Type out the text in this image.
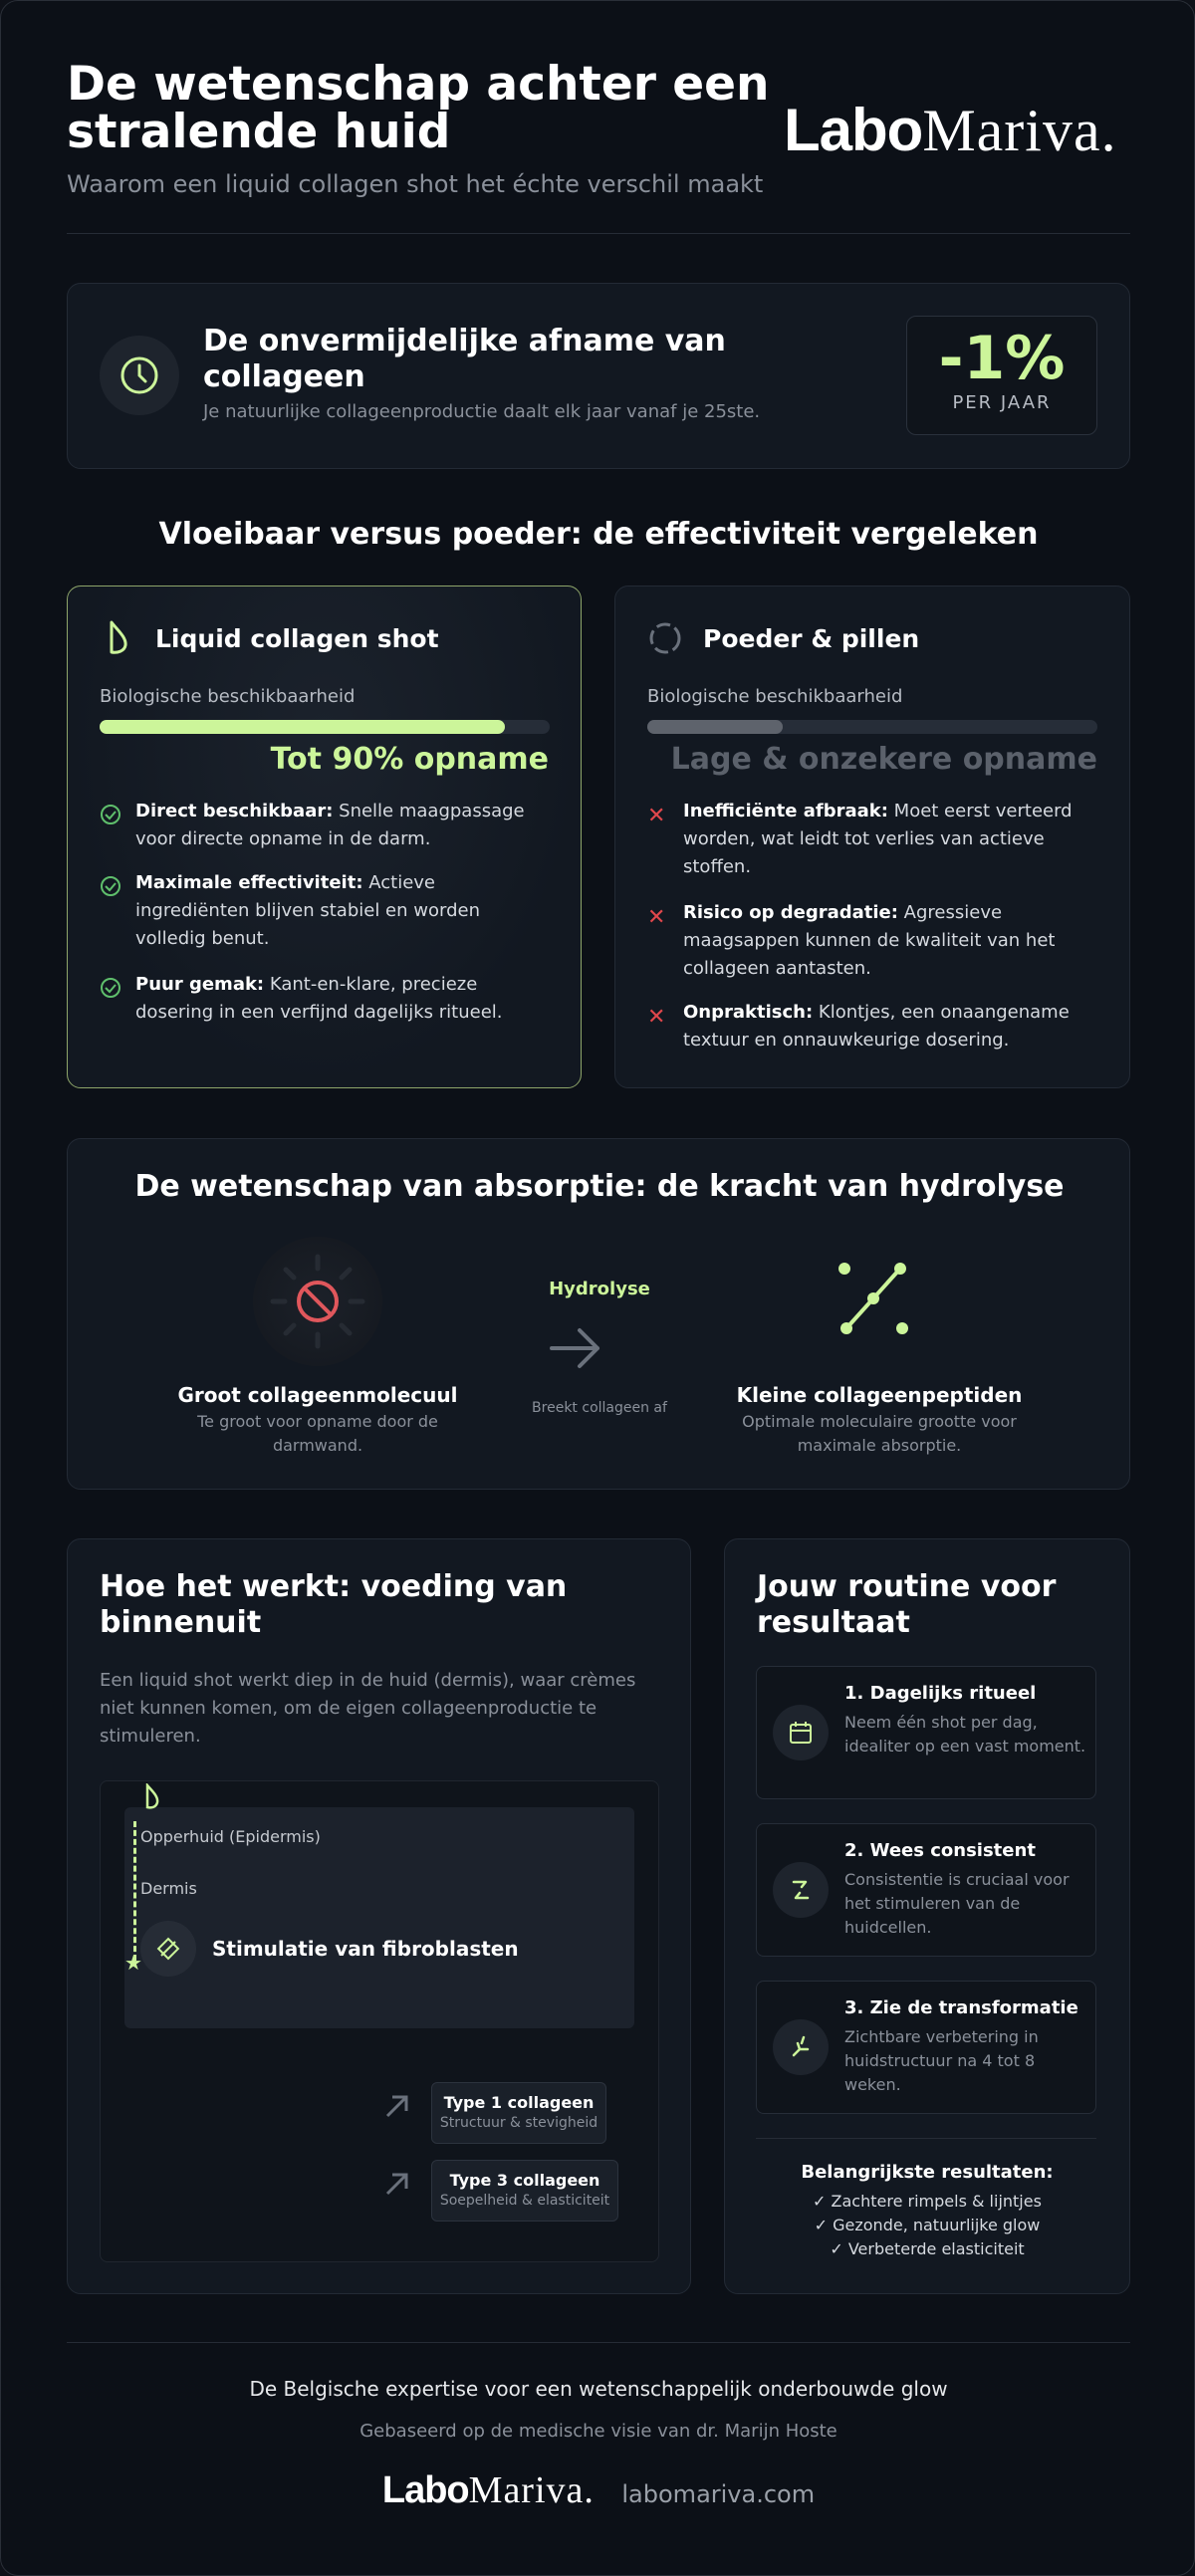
De wetenschap achter een
stralende huid
Waarom een liquid collagen shot het échte verschil maakt
LaboMariva.
De onvermijdelijke afname van
collageen
Je natuurlijke collageenproductie daalt elk jaar vanaf je 25ste.
-1%
PER JAAR
Vloeibaar versus poeder: de effectiviteit vergeleken
Liquid collagen shot
Biologische beschikbaarheid
Tot 90% opname
Direct beschikbaar: Snelle maagpassage voor directe opname in de darm.
Maximale effectiviteit: Actieve ingrediënten blijven stabiel en worden volledig benut.
Puur gemak: Kant-en-klare, precieze dosering in een verfijnd dagelijks ritueel.
Poeder & pillen
Biologische beschikbaarheid
Lage & onzekere opname
✕ Inefficiënte afbraak: Moet eerst verteerd worden, wat leidt tot verlies van actieve stoffen.
✕ Risico op degradatie: Agressieve maagsappen kunnen de kwaliteit van het collageen aantasten.
✕ Onpraktisch: Klontjes, een onaangename textuur en onnauwkeurige dosering.
De wetenschap van absorptie: de kracht van hydrolyse
Groot collageenmolecuul
Te groot voor opname door de darmwand.
Hydrolyse
Breekt collageen af
Kleine collageenpeptiden
Optimale moleculaire grootte voor maximale absorptie.
Hoe het werkt: voeding van
binnenuit
Een liquid shot werkt diep in de huid (dermis), waar crèmes niet kunnen komen, om de eigen collageenproductie te stimuleren.
★
Opperhuid (Epidermis)
Dermis
Stimulatie van fibroblasten
Type 1 collageen
Structuur & stevigheid
Type 3 collageen
Soepelheid & elasticiteit
Jouw routine voor
resultaat
1. Dagelijks ritueel
Neem één shot per dag, idealiter op een vast moment.
2. Wees consistent
Consistentie is cruciaal voor het stimuleren van de huidcellen.
3. Zie de transformatie
Zichtbare verbetering in huidstructuur na 4 tot 8 weken.
Belangrijkste resultaten:
✓ Zachtere rimpels & lijntjes
✓ Gezonde, natuurlijke glow
✓ Verbeterde elasticiteit
De Belgische expertise voor een wetenschappelijk onderbouwde glow
Gebaseerd op de medische visie van dr. Marijn Hoste
LaboMariva. labomariva.com
